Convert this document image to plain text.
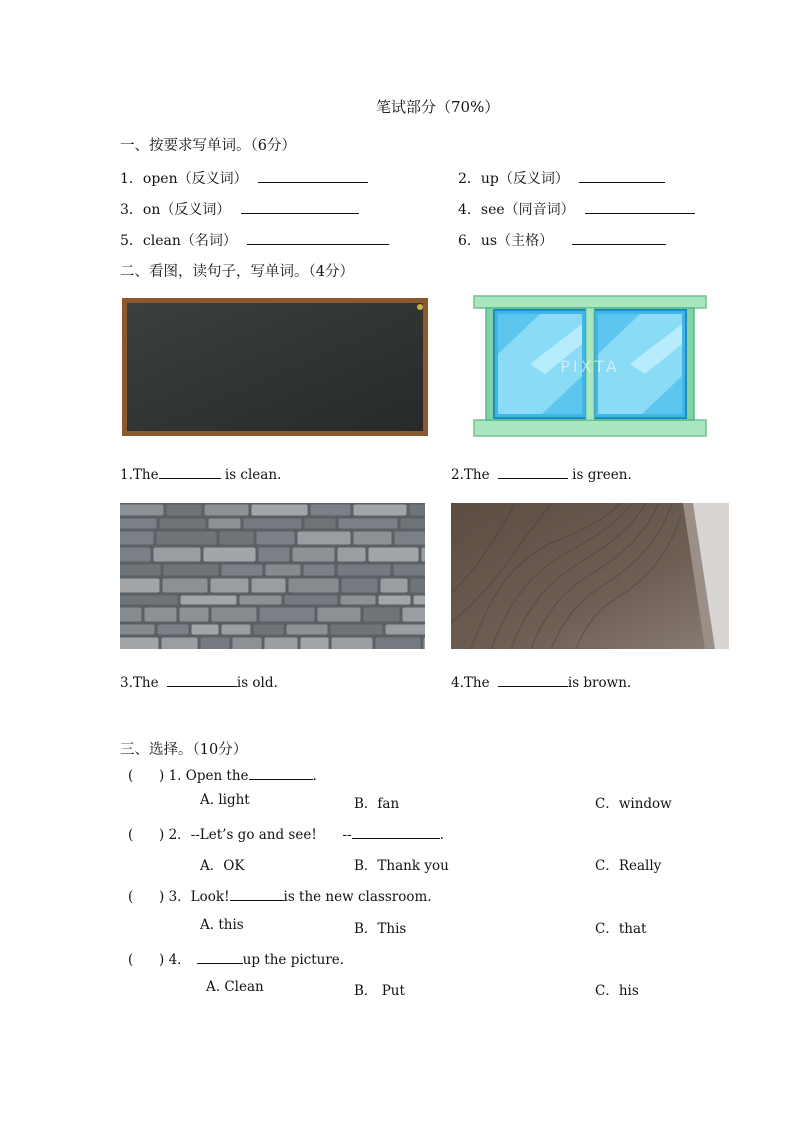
笔试部分（70%）
一、按要求写单词。（6分）
1．open（反义词）	2．up（反义词）
3．on（反义词）	4．see（同音词）
5．clean（名词）	6．us（主格）
二、看图，读句子，写单词。（4分）
PIXTA
1.The	is clean.	2.The	is green.
3.The	is old.	4.The	is brown.
三、选择。（10分）
(      ) 1. Open the	.
A. light	B．fan	C．window
(      ) 2．--Let’s go and see!      --	.
A．OK	B．Thank you	C．Really
(      ) 3．Look!	is the new classroom.
A. this	B．This	C．that
(      ) 4．	up the picture.
A. Clean	B． Put	C．his
